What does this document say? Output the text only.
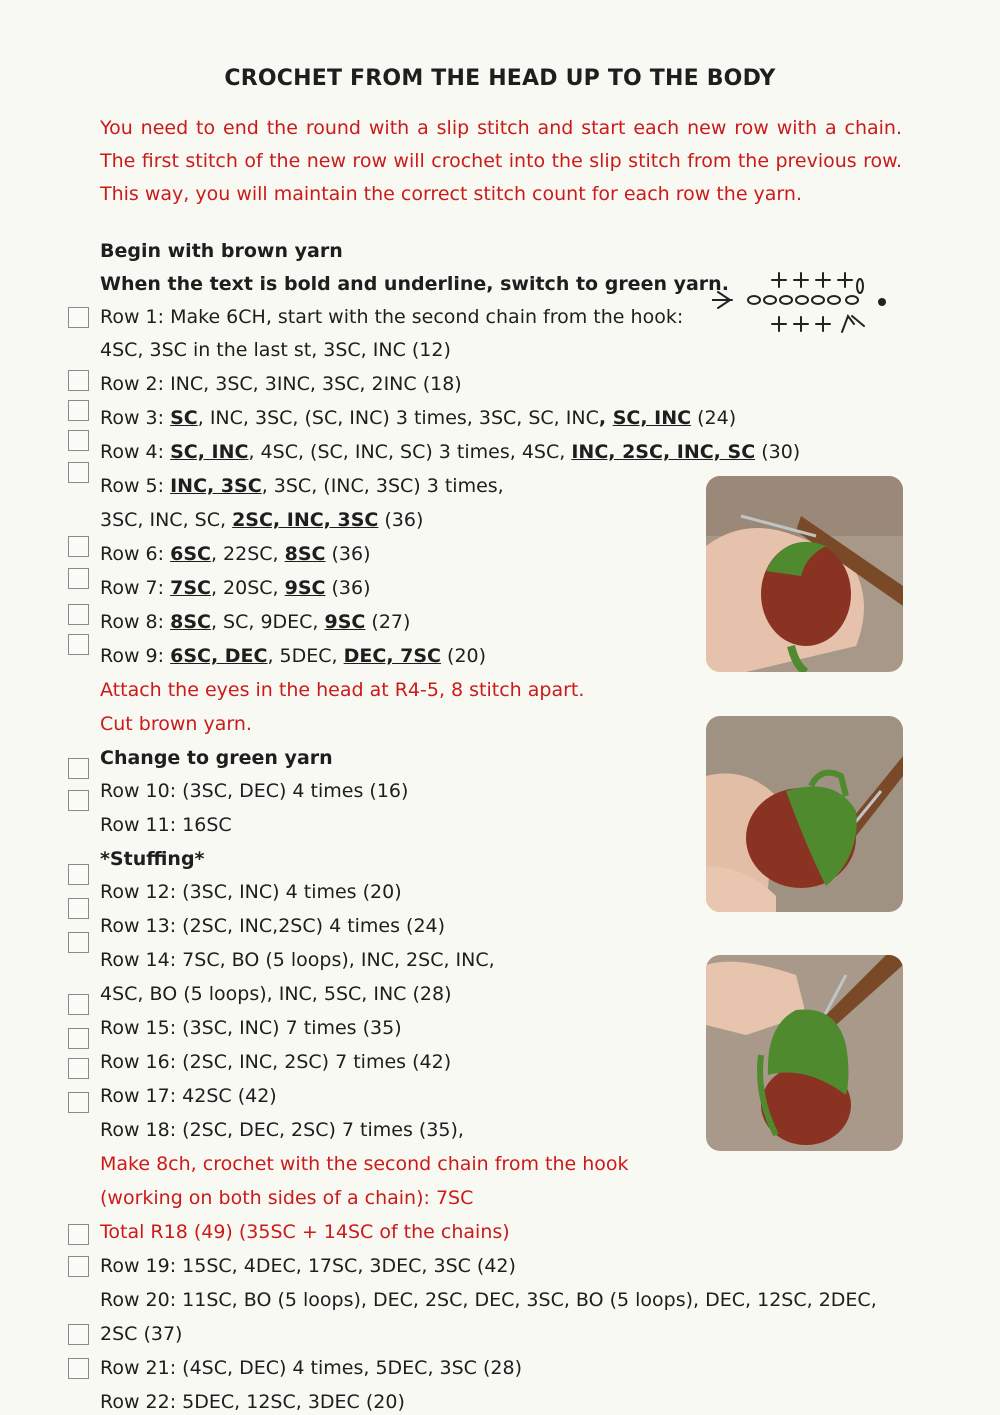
CROCHET FROM THE HEAD UP TO THE BODY
You need to end the round with a slip stitch and start each new row with a chain. The first stitch of the new row will crochet into the slip stitch from the previous row. This way, you will maintain the correct stitch count for each row the yarn.
Begin with brown yarn
When the text is bold and underline, switch to green yarn.
Row 1: Make 6CH, start with the second chain from the hook:
4SC, 3SC in the last st, 3SC, INC (12)
Row 2: INC, 3SC, 3INC, 3SC, 2INC (18)
Row 3: SC, INC, 3SC, (SC, INC) 3 times, 3SC, SC, INC, SC, INC (24)
Row 4: SC, INC, 4SC, (SC, INC, SC) 3 times, 4SC, INC, 2SC, INC, SC (30)
Row 5: INC, 3SC, 3SC, (INC, 3SC) 3 times,
3SC, INC, SC, 2SC, INC, 3SC (36)
Row 6: 6SC, 22SC, 8SC (36)
Row 7: 7SC, 20SC, 9SC (36)
Row 8: 8SC, SC, 9DEC, 9SC (27)
Row 9: 6SC, DEC, 5DEC, DEC, 7SC (20)
Attach the eyes in the head at R4-5, 8 stitch apart.
Cut brown yarn.
Change to green yarn
Row 10: (3SC, DEC) 4 times (16)
Row 11: 16SC
*Stuffing*
Row 12: (3SC, INC) 4 times (20)
Row 13: (2SC, INC,2SC) 4 times (24)
Row 14: 7SC, BO (5 loops), INC, 2SC, INC,
4SC, BO (5 loops), INC, 5SC, INC (28)
Row 15: (3SC, INC) 7 times (35)
Row 16: (2SC, INC, 2SC) 7 times (42)
Row 17: 42SC (42)
Row 18: (2SC, DEC, 2SC) 7 times (35),
Make 8ch, crochet with the second chain from the hook
(working on both sides of a chain): 7SC
Total R18 (49) (35SC + 14SC of the chains)
Row 19: 15SC, 4DEC, 17SC, 3DEC, 3SC (42)
Row 20: 11SC, BO (5 loops), DEC, 2SC, DEC, 3SC, BO (5 loops), DEC, 12SC, 2DEC,
2SC (37)
Row 21: (4SC, DEC) 4 times, 5DEC, 3SC (28)
Row 22: 5DEC, 12SC, 3DEC (20)
